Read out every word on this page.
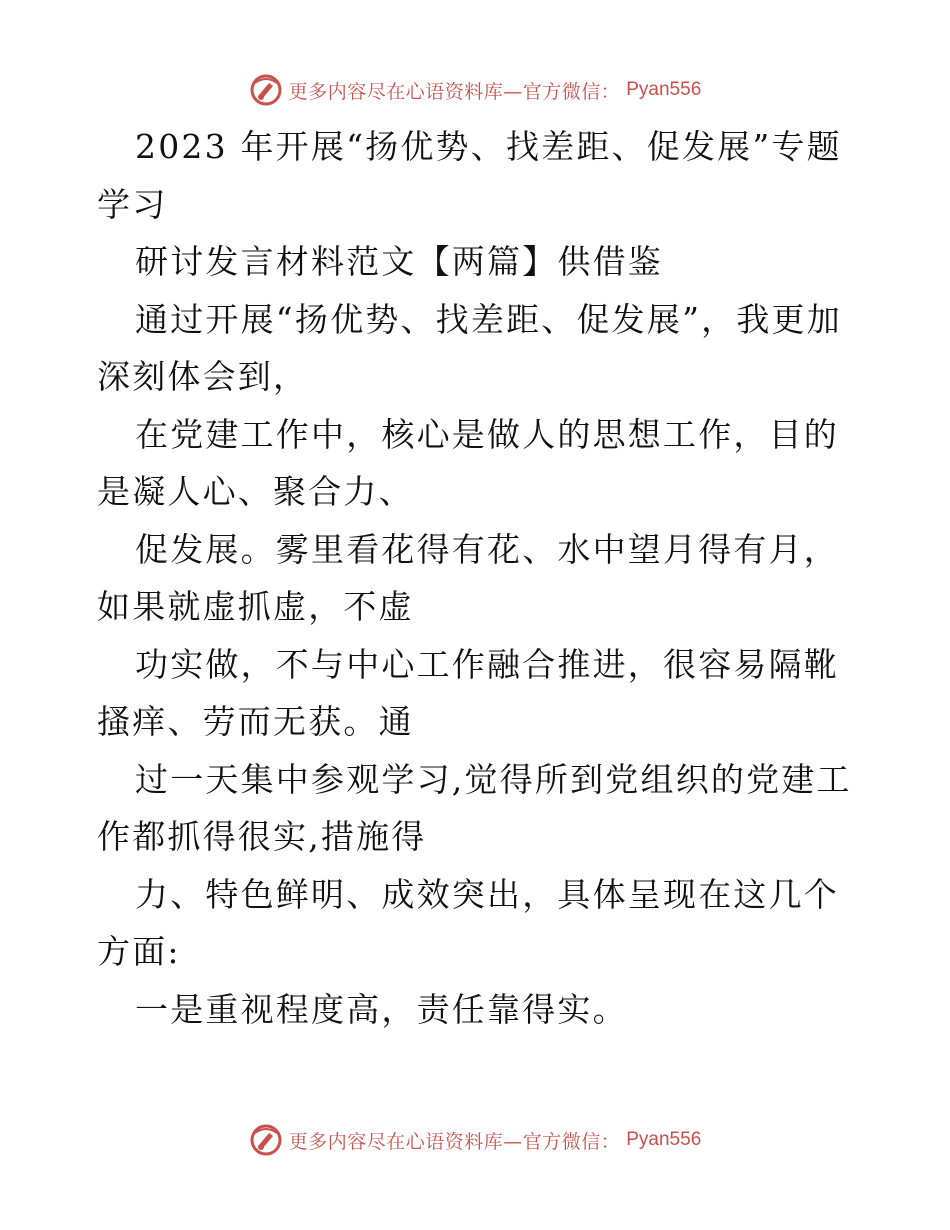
更多内容尽在心语资料库—官方微信： Pyan556

2023 年开展“扬优势、找差距、促发展”专题学习

研讨发言材料范文【两篇】供借鉴

通过开展“扬优势、找差距、促发展”，我更加深刻体会到，

在党建工作中，核心是做人的思想工作，目的是凝人心、聚合力、

促发展。雾里看花得有花、水中望月得有月，如果就虚抓虚，不虚

功实做，不与中心工作融合推进，很容易隔靴搔痒、劳而无获。通

过一天集中参观学习,觉得所到党组织的党建工作都抓得很实,措施得

力、特色鲜明、成效突出，具体呈现在这几个方面:

一是重视程度高，责任靠得实。

更多内容尽在心语资料库—官方微信： Pyan556
